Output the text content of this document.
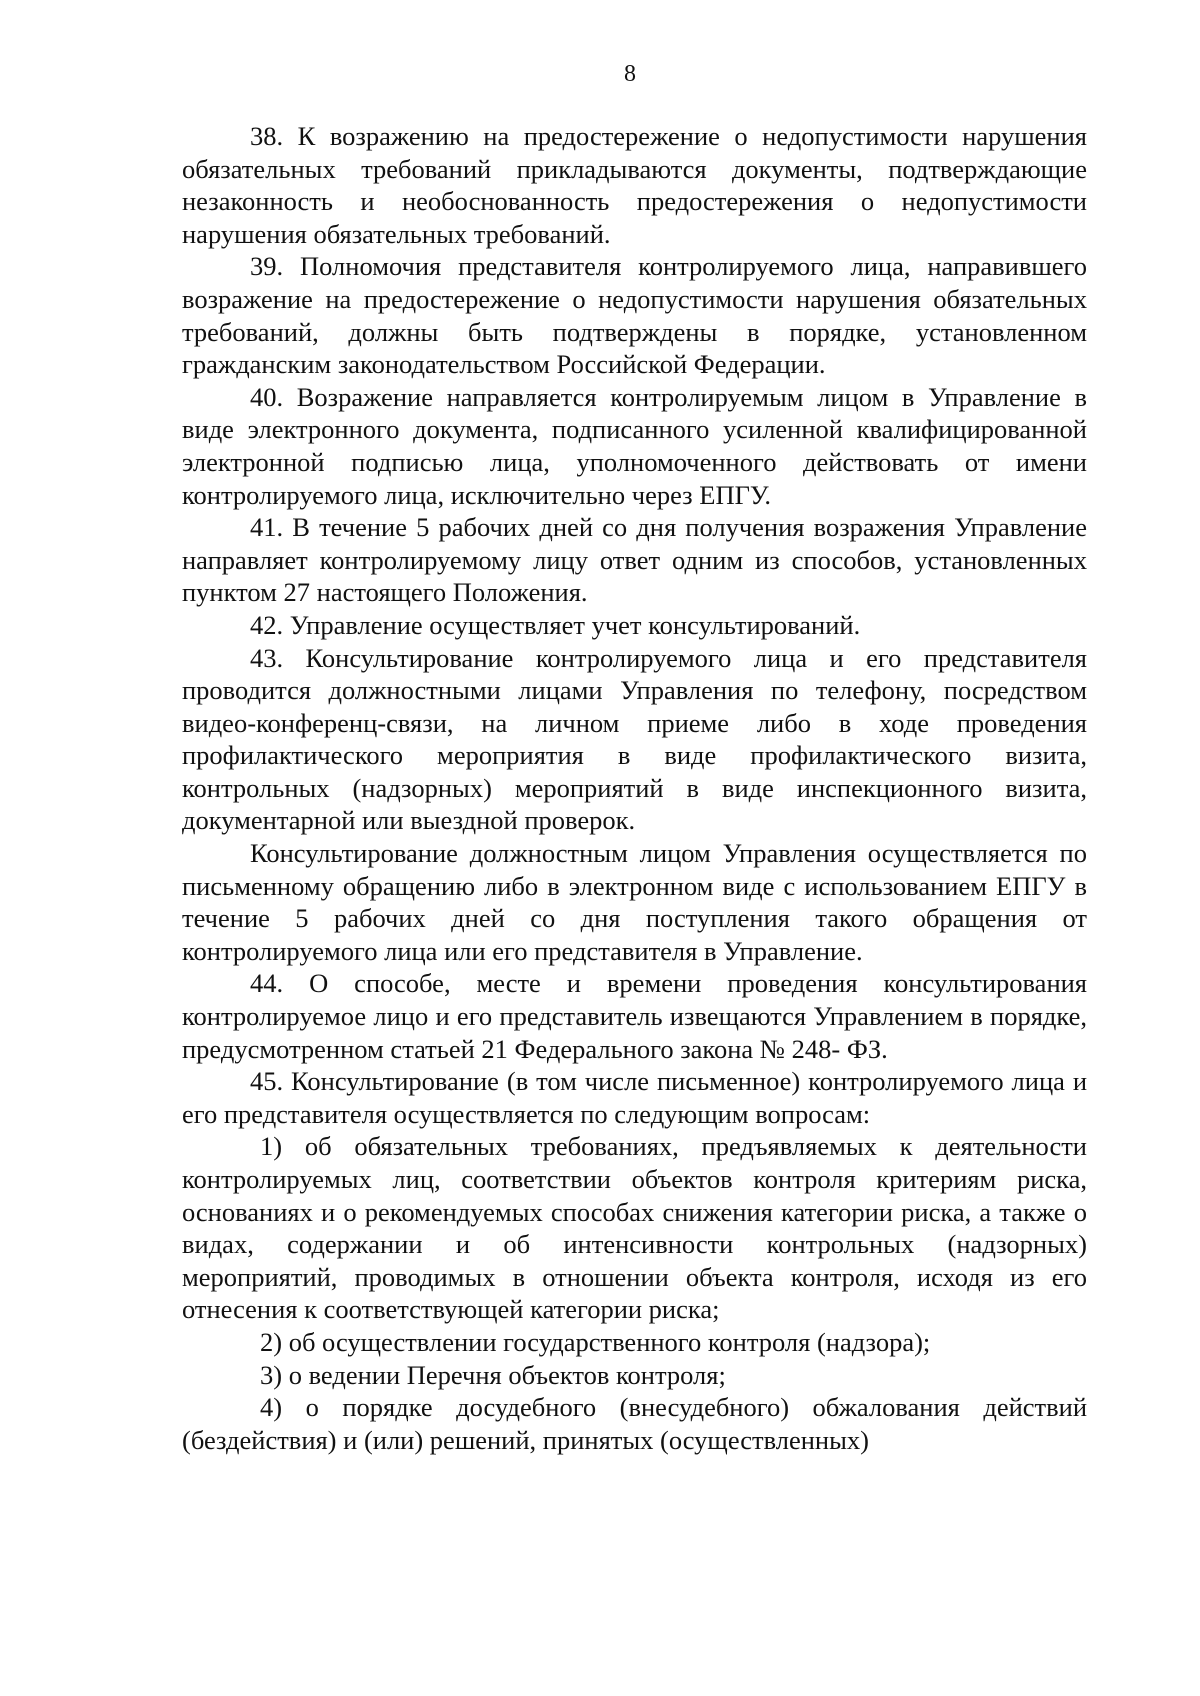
8

38. К возражению на предостережение о недопустимости нарушения обязательных требований прикладываются документы, подтверждающие незаконность и необоснованность предостережения о недопустимости нарушения обязательных требований.

39. Полномочия представителя контролируемого лица, направившего возражение на предостережение о недопустимости нарушения обязательных требований, должны быть подтверждены в порядке, установленном гражданским законодательством Российской Федерации.

40. Возражение направляется контролируемым лицом в Управление в виде электронного документа, подписанного усиленной квалифицированной электронной подписью лица, уполномоченного действовать от имени контролируемого лица, исключительно через ЕПГУ.

41. В течение 5 рабочих дней со дня получения возражения Управление направляет контролируемому лицу ответ одним из способов, установленных пунктом 27 настоящего Положения.

42. Управление осуществляет учет консультирований.

43. Консультирование контролируемого лица и его представителя проводится должностными лицами Управления по телефону, посредством видео-конференц-связи, на личном приеме либо в ходе проведения профилактического мероприятия в виде профилактического визита, контрольных (надзорных) мероприятий в виде инспекционного визита, документарной или выездной проверок.

Консультирование должностным лицом Управления осуществляется по письменному обращению либо в электронном виде с использованием ЕПГУ в течение 5 рабочих дней со дня поступления такого обращения от контролируемого лица или его представителя в Управление.

44. О способе, месте и времени проведения консультирования контролируемое лицо и его представитель извещаются Управлением в порядке, предусмотренном статьей 21 Федерального закона № 248- ФЗ.

45. Консультирование (в том числе письменное) контролируемого лица и его представителя осуществляется по следующим вопросам:

1) об обязательных требованиях, предъявляемых к деятельности контролируемых лиц, соответствии объектов контроля критериям риска, основаниях и о рекомендуемых способах снижения категории риска, а также о видах, содержании и об интенсивности контрольных (надзорных) мероприятий, проводимых в отношении объекта контроля, исходя из его отнесения к соответствующей категории риска;

2) об осуществлении государственного контроля (надзора);

3) о ведении Перечня объектов контроля;

4) о порядке досудебного (внесудебного) обжалования действий (бездействия) и (или) решений, принятых (осуществленных)
